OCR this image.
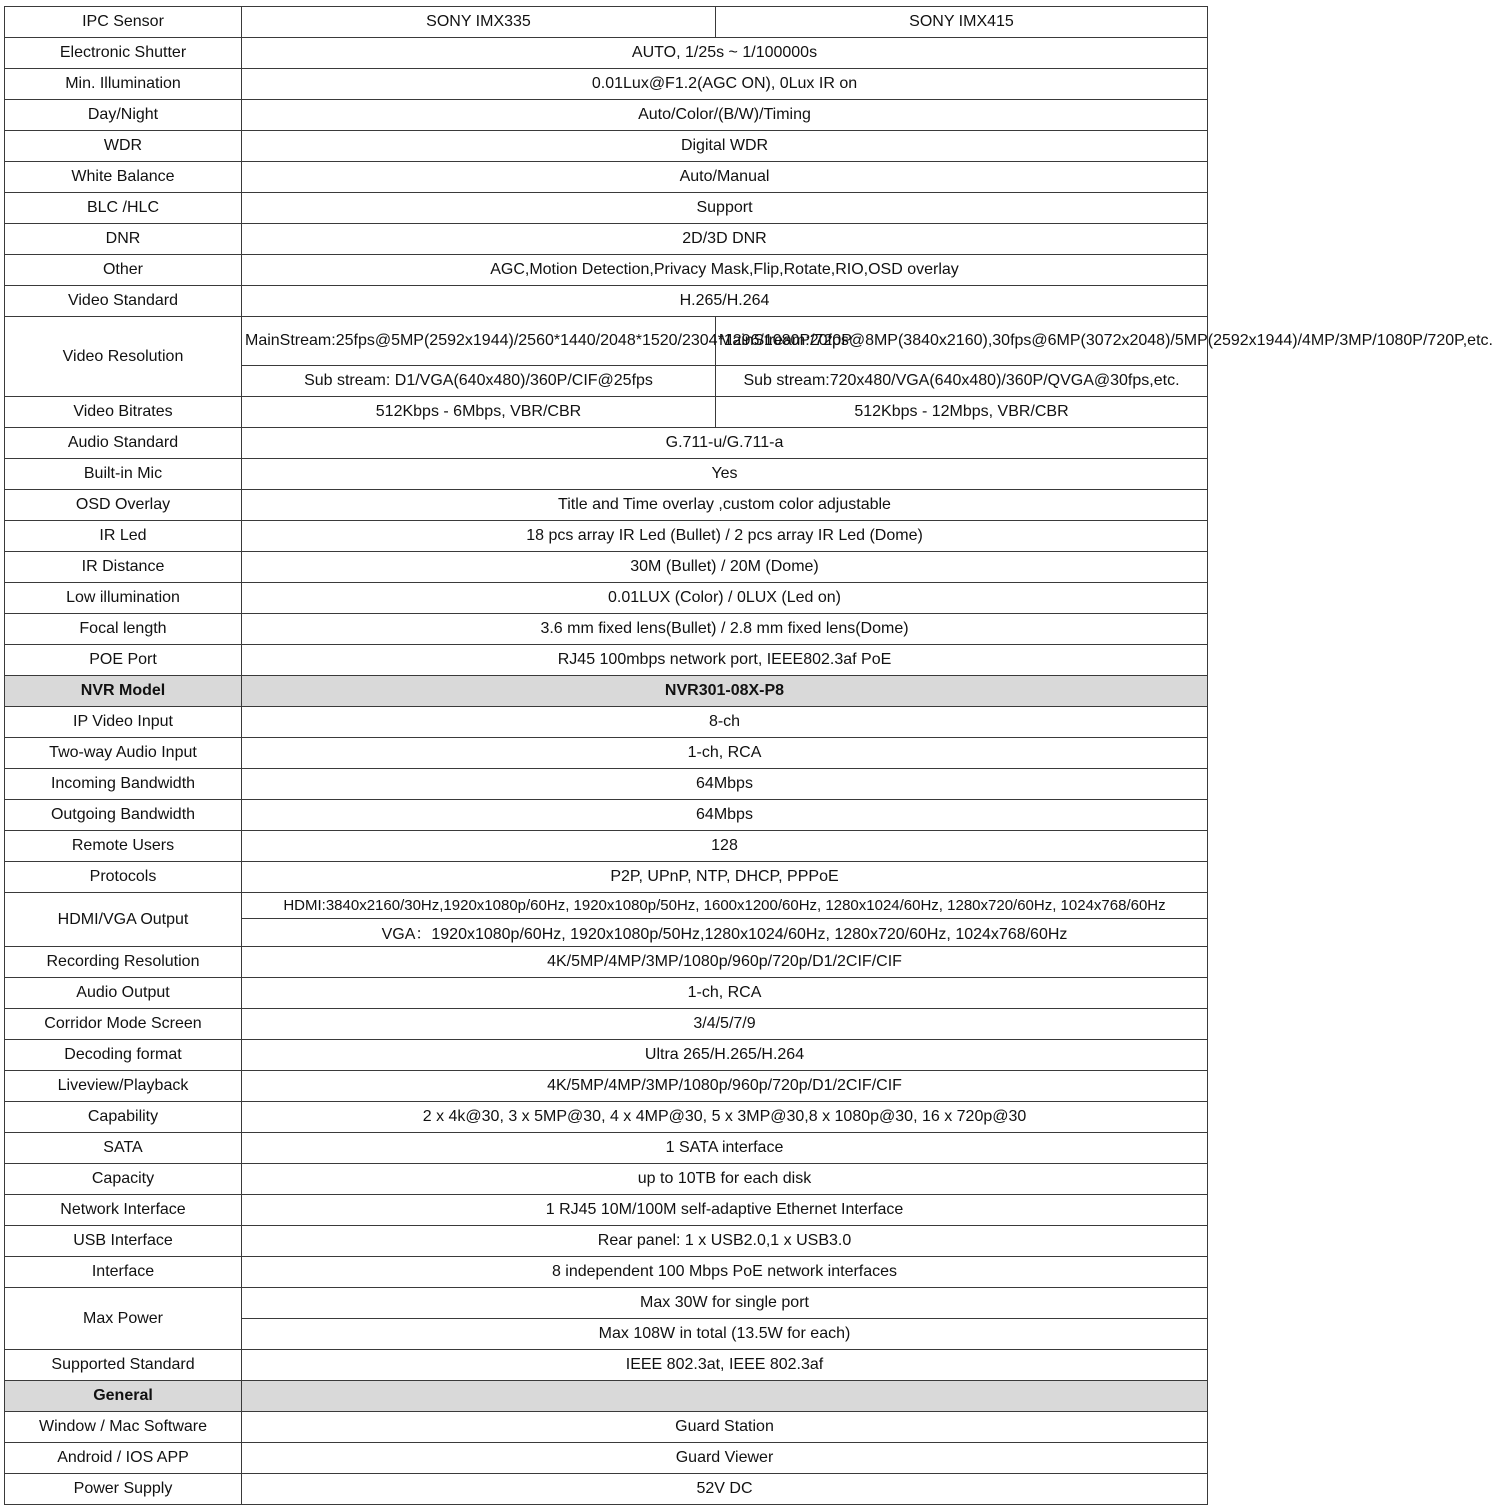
IPC Sensor	SONY IMX335	SONY IMX415
Electronic Shutter	AUTO, 1/25s ~ 1/100000s	
Min. Illumination	0.01Lux@F1.2(AGC ON), 0Lux IR on	
Day/Night	Auto/Color/(B/W)/Timing	
WDR	Digital WDR	
White Balance	Auto/Manual	
BLC /HLC	Support	
DNR	2D/3D DNR	
Other	AGC,Motion Detection,Privacy Mask,Flip,Rotate,RIO,OSD overlay	
Video Standard	H.265/H.264	
Video Resolution	MainStream:25fps@5MP(2592x1944)/2560*1440/2048*1520/2304*1296/1080P/720P	MainStream:20fps@8MP(3840x2160),30fps@6MP(3072x2048)/5MP(2592x1944)/4MP/3MP/1080P/720P,etc.
	Sub stream: D1/VGA(640x480)/360P/CIF@25fps	Sub stream:720x480/VGA(640x480)/360P/QVGA@30fps,etc.
Video Bitrates	512Kbps - 6Mbps, VBR/CBR	512Kbps - 12Mbps, VBR/CBR
Audio Standard	G.711-u/G.711-a	
Built-in Mic	Yes	
OSD Overlay	Title and Time overlay ,custom color adjustable	
IR Led	18 pcs array IR Led (Bullet) / 2 pcs array IR Led (Dome)	
IR Distance	30M (Bullet) / 20M (Dome)	
Low illumination	0.01LUX (Color) / 0LUX (Led on)	
Focal length	3.6 mm fixed lens(Bullet) / 2.8 mm fixed lens(Dome)	
POE Port	RJ45 100mbps network port, IEEE802.3af PoE	
NVR Model	NVR301-08X-P8	
IP Video Input	8-ch	
Two-way Audio Input	1-ch, RCA	
Incoming Bandwidth	64Mbps	
Outgoing Bandwidth	64Mbps	
Remote Users	128	
Protocols	P2P, UPnP, NTP, DHCP, PPPoE	
HDMI/VGA Output	HDMI:3840x2160/30Hz,1920x1080p/60Hz, 1920x1080p/50Hz, 1600x1200/60Hz, 1280x1024/60Hz, 1280x720/60Hz, 1024x768/60Hz	
	VGA：1920x1080p/60Hz, 1920x1080p/50Hz,1280x1024/60Hz, 1280x720/60Hz, 1024x768/60Hz	
Recording Resolution	4K/5MP/4MP/3MP/1080p/960p/720p/D1/2CIF/CIF	
Audio Output	1-ch, RCA	
Corridor Mode Screen	3/4/5/7/9	
Decoding format	Ultra 265/H.265/H.264	
Liveview/Playback	4K/5MP/4MP/3MP/1080p/960p/720p/D1/2CIF/CIF	
Capability	2 x 4k@30, 3 x 5MP@30, 4 x 4MP@30, 5 x 3MP@30,8 x 1080p@30, 16 x 720p@30	
SATA	1 SATA interface	
Capacity	up to 10TB for each disk	
Network Interface	1 RJ45 10M/100M self-adaptive Ethernet Interface	
USB Interface	Rear panel: 1 x USB2.0,1 x USB3.0	
Interface	8 independent 100 Mbps PoE network interfaces	
Max Power	Max 30W for single port	
	Max 108W in total (13.5W for each)	
Supported Standard	IEEE 802.3at, IEEE 802.3af	
General		
Window / Mac Software	Guard Station	
Android / IOS APP	Guard Viewer	
Power Supply	52V DC	
